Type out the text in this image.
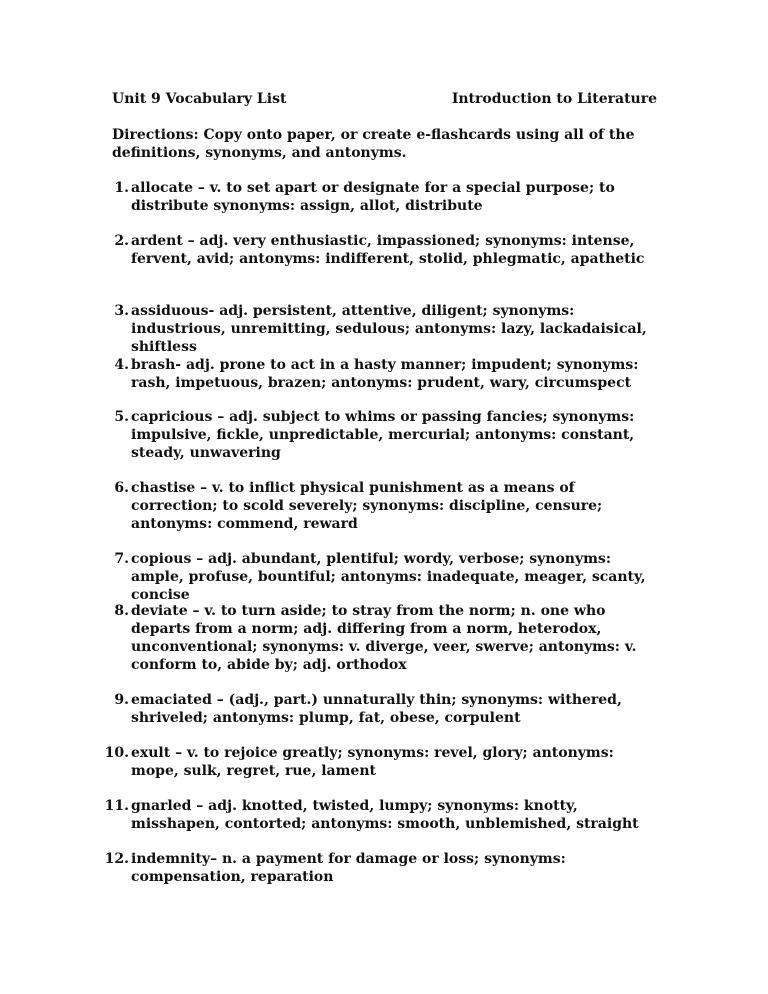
Unit 9 Vocabulary List	Introduction to Literature
Directions: Copy onto paper, or create e-flashcards using all of the definitions, synonyms, and antonyms.
1. allocate – v. to set apart or designate for a special purpose; to distribute synonyms: assign, allot, distribute
2. ardent – adj. very enthusiastic, impassioned; synonyms: intense, fervent, avid; antonyms: indifferent, stolid, phlegmatic, apathetic
3. assiduous- adj. persistent, attentive, diligent; synonyms: industrious, unremitting, sedulous; antonyms: lazy, lackadaisical, shiftless
4. brash- adj. prone to act in a hasty manner; impudent; synonyms: rash, impetuous, brazen; antonyms: prudent, wary, circumspect
5. capricious – adj. subject to whims or passing fancies; synonyms: impulsive, fickle, unpredictable, mercurial; antonyms: constant, steady, unwavering
6. chastise – v. to inflict physical punishment as a means of correction; to scold severely; synonyms: discipline, censure; antonyms: commend, reward
7. copious – adj. abundant, plentiful; wordy, verbose; synonyms: ample, profuse, bountiful; antonyms: inadequate, meager, scanty, concise
8. deviate – v. to turn aside; to stray from the norm; n. one who departs from a norm; adj. differing from a norm, heterodox, unconventional; synonyms: v. diverge, veer, swerve; antonyms: v. conform to, abide by; adj. orthodox
9. emaciated – (adj., part.) unnaturally thin; synonyms: withered, shriveled; antonyms: plump, fat, obese, corpulent
10. exult – v. to rejoice greatly; synonyms: revel, glory; antonyms: mope, sulk, regret, rue, lament
11. gnarled – adj. knotted, twisted, lumpy; synonyms: knotty, misshapen, contorted; antonyms: smooth, unblemished, straight
12. indemnity– n. a payment for damage or loss; synonyms: compensation, reparation
